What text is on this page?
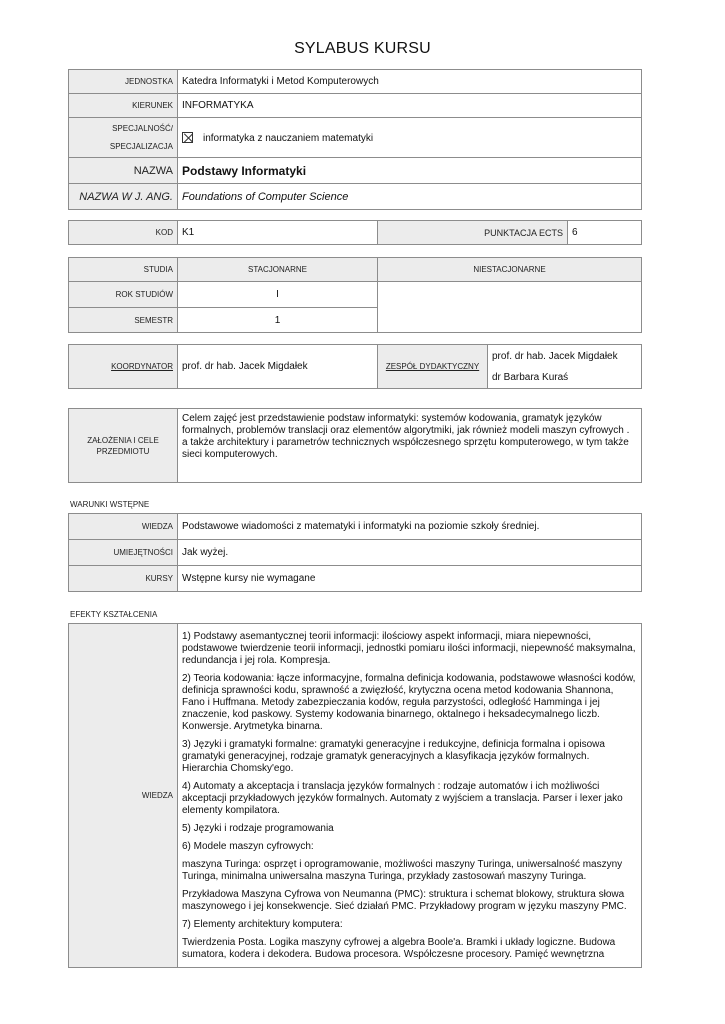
SYLABUS KURSU
JEDNOSTKA	Katedra Informatyki i Metod Komputerowych
KIERUNEK	INFORMATYKA
SPECJALNOŚĆ/
SPECJALIZACJA	informatyka z nauczaniem matematyki
NAZWA	Podstawy Informatyki
NAZWA W J. ANG.	Foundations of Computer Science
KOD	K1	PUNKTACJA ECTS	6
STUDIA	STACJONARNE	NIESTACJONARNE
ROK STUDIÓW	I	
SEMESTR	1	
KOORDYNATOR	prof. dr hab. Jacek Migdałek	ZESPÓŁ DYDAKTYCZNY	prof. dr hab. Jacek Migdałek
dr Barbara Kuraś
ZAŁOŻENIA I CELE
PRZEDMIOTU	Celem zajęć jest przedstawienie podstaw informatyki: systemów kodowania, gramatyk języków formalnych, problemów translacji oraz elementów algorytmiki, jak również modeli maszyn cyfrowych . a także architektury i parametrów technicznych współczesnego sprzętu komputerowego, w tym także sieci komputerowych.
WARUNKI WSTĘPNE
WIEDZA	Podstawowe wiadomości z matematyki i informatyki na poziomie szkoły średniej.
UMIEJĘTNOŚCI	Jak wyżej.
KURSY	Wstępne kursy nie wymagane
EFEKTY KSZTAŁCENIA
WIEDZA	

1) Podstawy asemantycznej teorii informacji: ilościowy aspekt informacji, miara niepewności, podstawowe twierdzenie teorii informacji, jednostki pomiaru ilości informacji, niepewność maksymalna, redundancja i jej rola. Kompresja.

2) Teoria kodowania: łącze informacyjne, formalna definicja kodowania, podstawowe własności kodów, definicja sprawności kodu, sprawność a zwięzłość, krytyczna ocena metod kodowania Shannona, Fano i Huffmana. Metody zabezpieczania kodów, reguła parzystości, odległość Hamminga i jej znaczenie, kod paskowy. Systemy kodowania binarnego, oktalnego i heksadecymalnego liczb. Konwersje. Arytmetyka binarna.

3) Języki i gramatyki formalne: gramatyki generacyjne i redukcyjne, definicja formalna i opisowa gramatyki generacyjnej, rodzaje gramatyk generacyjnych a klasyfikacja języków formalnych. Hierarchia Chomsky'ego.

4) Automaty a akceptacja i translacja języków formalnych : rodzaje automatów i ich możliwości akceptacji przykładowych języków formalnych. Automaty z wyjściem a translacja. Parser i lexer jako elementy kompilatora.

5) Języki i rodzaje programowania

6) Modele maszyn cyfrowych:

maszyna Turinga: osprzęt i oprogramowanie, możliwości maszyny Turinga, uniwersalność maszyny Turinga, minimalna uniwersalna maszyna Turinga, przykłady zastosowań maszyny Turinga.

Przykładowa Maszyna Cyfrowa von Neumanna (PMC): struktura i schemat blokowy, struktura słowa maszynowego i jej konsekwencje. Sieć działań PMC. Przykładowy program w języku maszyny PMC.

7) Elementy architektury komputera:

Twierdzenia Posta. Logika maszyny cyfrowej a algebra Boole'a. Bramki i układy logiczne. Budowa sumatora, kodera i dekodera. Budowa procesora. Współczesne procesory. Pamięć wewnętrzna
